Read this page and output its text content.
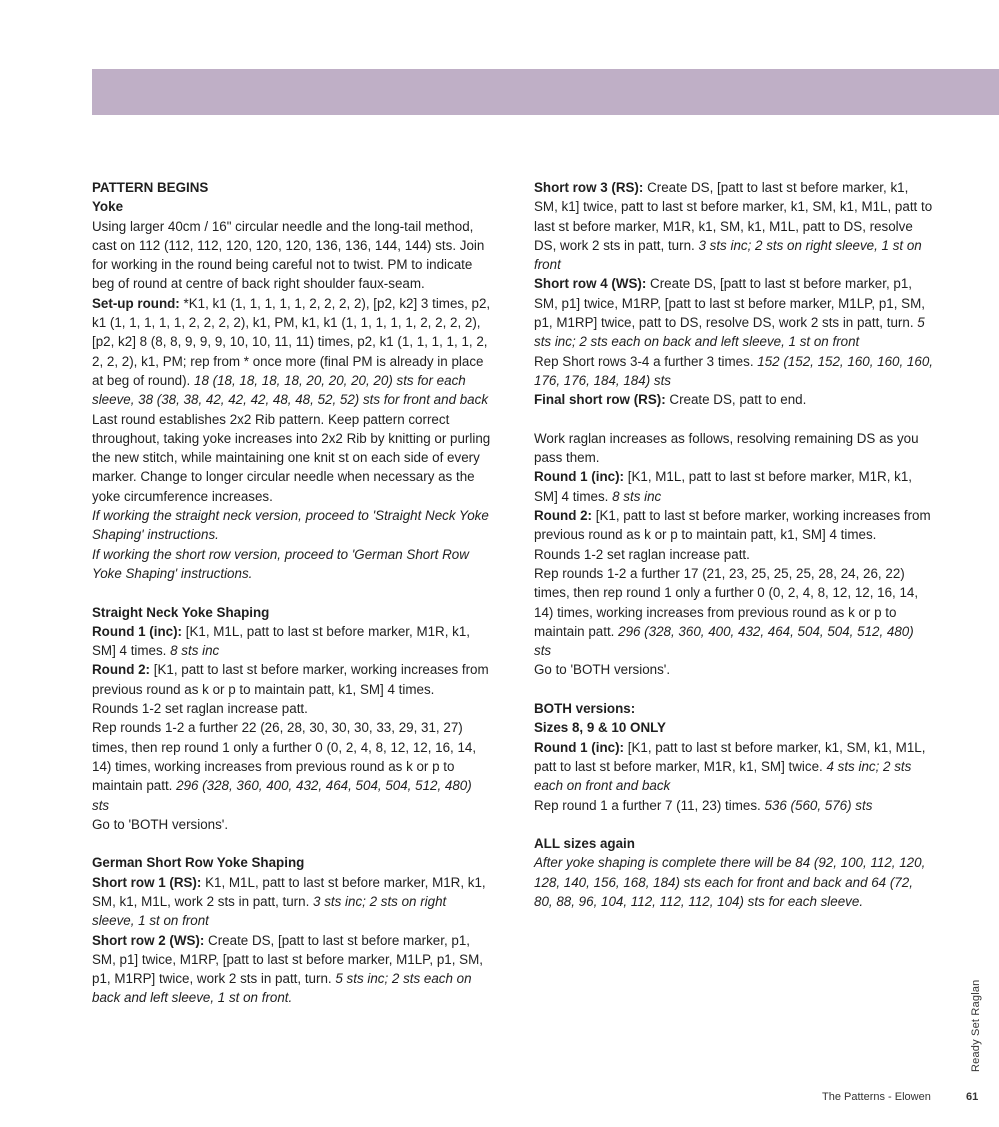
PATTERN BEGINS

Yoke

Using larger 40cm / 16" circular needle and the long-tail method, cast on 112 (112, 112, 120, 120, 120, 136, 136, 144, 144) sts. Join for working in the round being careful not to twist. PM to indicate beg of round at centre of back right shoulder faux-seam.

Set-up round: *K1, k1 (1, 1, 1, 1, 1, 2, 2, 2, 2), [p2, k2] 3 times, p2, k1 (1, 1, 1, 1, 1, 2, 2, 2, 2), k1, PM, k1, k1 (1, 1, 1, 1, 1, 2, 2, 2, 2), [p2, k2] 8 (8, 8, 9, 9, 9, 10, 10, 11, 11) times, p2, k1 (1, 1, 1, 1, 1, 2, 2, 2, 2), k1, PM; rep from * once more (final PM is already in place at beg of round). 18 (18, 18, 18, 18, 20, 20, 20, 20) sts for each sleeve, 38 (38, 38, 42, 42, 42, 48, 48, 52, 52) sts for front and back

Last round establishes 2x2 Rib pattern. Keep pattern correct throughout, taking yoke increases into 2x2 Rib by knitting or purling the new stitch, while maintaining one knit st on each side of every marker. Change to longer circular needle when necessary as the yoke circumference increases.

If working the straight neck version, proceed to 'Straight Neck Yoke Shaping' instructions.

If working the short row version, proceed to 'German Short Row Yoke Shaping' instructions.

Straight Neck Yoke Shaping

Round 1 (inc): [K1, M1L, patt to last st before marker, M1R, k1, SM] 4 times. 8 sts inc

Round 2: [K1, patt to last st before marker, working increases from previous round as k or p to maintain patt, k1, SM] 4 times.

Rounds 1-2 set raglan increase patt.

Rep rounds 1-2 a further 22 (26, 28, 30, 30, 30, 33, 29, 31, 27) times, then rep round 1 only a further 0 (0, 2, 4, 8, 12, 12, 16, 14, 14) times, working increases from previous round as k or p to maintain patt. 296 (328, 360, 400, 432, 464, 504, 504, 512, 480) sts

Go to 'BOTH versions'.

German Short Row Yoke Shaping

Short row 1 (RS): K1, M1L, patt to last st before marker, M1R, k1, SM, k1, M1L, work 2 sts in patt, turn. 3 sts inc; 2 sts on right sleeve, 1 st on front

Short row 2 (WS): Create DS, [patt to last st before marker, p1, SM, p1] twice, M1RP, [patt to last st before marker, M1LP, p1, SM, p1, M1RP] twice, work 2 sts in patt, turn. 5 sts inc; 2 sts each on back and left sleeve, 1 st on front.

Short row 3 (RS): Create DS, [patt to last st before marker, k1, SM, k1] twice, patt to last st before marker, k1, SM, k1, M1L, patt to last st before marker, M1R, k1, SM, k1, M1L, patt to DS, resolve DS, work 2 sts in patt, turn. 3 sts inc; 2 sts on right sleeve, 1 st on front

Short row 4 (WS): Create DS, [patt to last st before marker, p1, SM, p1] twice, M1RP, [patt to last st before marker, M1LP, p1, SM, p1, M1RP] twice, patt to DS, resolve DS, work 2 sts in patt, turn. 5 sts inc; 2 sts each on back and left sleeve, 1 st on front

Rep Short rows 3-4 a further 3 times. 152 (152, 152, 160, 160, 160, 176, 176, 184, 184) sts

Final short row (RS): Create DS, patt to end.

Work raglan increases as follows, resolving remaining DS as you pass them.

Round 1 (inc): [K1, M1L, patt to last st before marker, M1R, k1, SM] 4 times. 8 sts inc

Round 2: [K1, patt to last st before marker, working increases from previous round as k or p to maintain patt, k1, SM] 4 times.

Rounds 1-2 set raglan increase patt.

Rep rounds 1-2 a further 17 (21, 23, 25, 25, 25, 28, 24, 26, 22) times, then rep round 1 only a further 0 (0, 2, 4, 8, 12, 12, 16, 14, 14) times, working increases from previous round as k or p to maintain patt. 296 (328, 360, 400, 432, 464, 504, 504, 512, 480) sts

Go to 'BOTH versions'.

BOTH versions:

Sizes 8, 9 & 10 ONLY

Round 1 (inc): [K1, patt to last st before marker, k1, SM, k1, M1L, patt to last st before marker, M1R, k1, SM] twice. 4 sts inc; 2 sts each on front and back

Rep round 1 a further 7 (11, 23) times. 536 (560, 576) sts

ALL sizes again

After yoke shaping is complete there will be 84 (92, 100, 112, 120, 128, 140, 156, 168, 184) sts each for front and back and 64 (72, 80, 88, 96, 104, 112, 112, 112, 104) sts for each sleeve.

Ready Set Raglan
The Patterns - Elowen	61
